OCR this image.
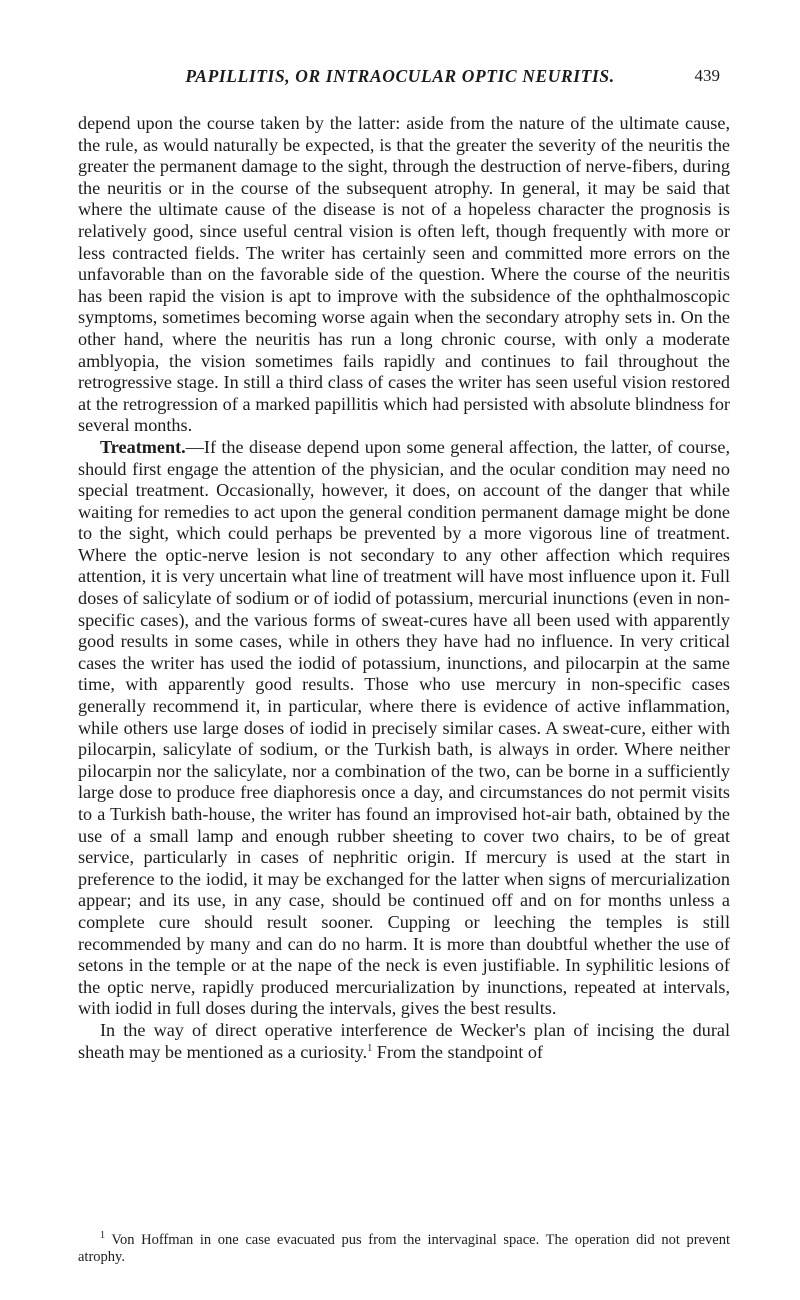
PAPILLITIS, OR INTRAOCULAR OPTIC NEURITIS.	439

depend upon the course taken by the latter: aside from the nature of the ultimate cause, the rule, as would naturally be expected, is that the greater the severity of the neuritis the greater the permanent damage to the sight, through the destruction of nerve-fibers, during the neuritis or in the course of the subsequent atrophy. In general, it may be said that where the ultimate cause of the disease is not of a hopeless character the prognosis is relatively good, since useful central vision is often left, though frequently with more or less contracted fields. The writer has certainly seen and committed more errors on the unfavorable than on the favorable side of the question. Where the course of the neuritis has been rapid the vision is apt to improve with the subsidence of the ophthalmoscopic symptoms, sometimes becoming worse again when the secondary atrophy sets in. On the other hand, where the neuritis has run a long chronic course, with only a moderate amblyopia, the vision sometimes fails rapidly and continues to fail throughout the retrogressive stage. In still a third class of cases the writer has seen useful vision restored at the retrogression of a marked papillitis which had persisted with absolute blindness for several months.

Treatment.—If the disease depend upon some general affection, the latter, of course, should first engage the attention of the physician, and the ocular condition may need no special treatment. Occasionally, however, it does, on account of the danger that while waiting for remedies to act upon the general condition permanent damage might be done to the sight, which could perhaps be prevented by a more vigorous line of treatment. Where the optic-nerve lesion is not secondary to any other affection which requires attention, it is very uncertain what line of treatment will have most influence upon it. Full doses of salicylate of sodium or of iodid of potassium, mercurial inunctions (even in non-specific cases), and the various forms of sweat-cures have all been used with apparently good results in some cases, while in others they have had no influence. In very critical cases the writer has used the iodid of potassium, inunctions, and pilocarpin at the same time, with apparently good results. Those who use mercury in non-specific cases generally recommend it, in particular, where there is evidence of active inflammation, while others use large doses of iodid in precisely similar cases. A sweat-cure, either with pilocarpin, salicylate of sodium, or the Turkish bath, is always in order. Where neither pilocarpin nor the salicylate, nor a combination of the two, can be borne in a sufficiently large dose to produce free diaphoresis once a day, and circumstances do not permit visits to a Turkish bath-house, the writer has found an improvised hot-air bath, obtained by the use of a small lamp and enough rubber sheeting to cover two chairs, to be of great service, particularly in cases of nephritic origin. If mercury is used at the start in preference to the iodid, it may be exchanged for the latter when signs of mercurialization appear; and its use, in any case, should be continued off and on for months unless a complete cure should result sooner. Cupping or leeching the temples is still recommended by many and can do no harm. It is more than doubtful whether the use of setons in the temple or at the nape of the neck is even justifiable. In syphilitic lesions of the optic nerve, rapidly produced mercurialization by inunctions, repeated at intervals, with iodid in full doses during the intervals, gives the best results.

In the way of direct operative interference de Wecker's plan of incising the dural sheath may be mentioned as a curiosity.$^1$ From the standpoint of

$^1$ Von Hoffman in one case evacuated pus from the intervaginal space. The operation did not prevent atrophy.
